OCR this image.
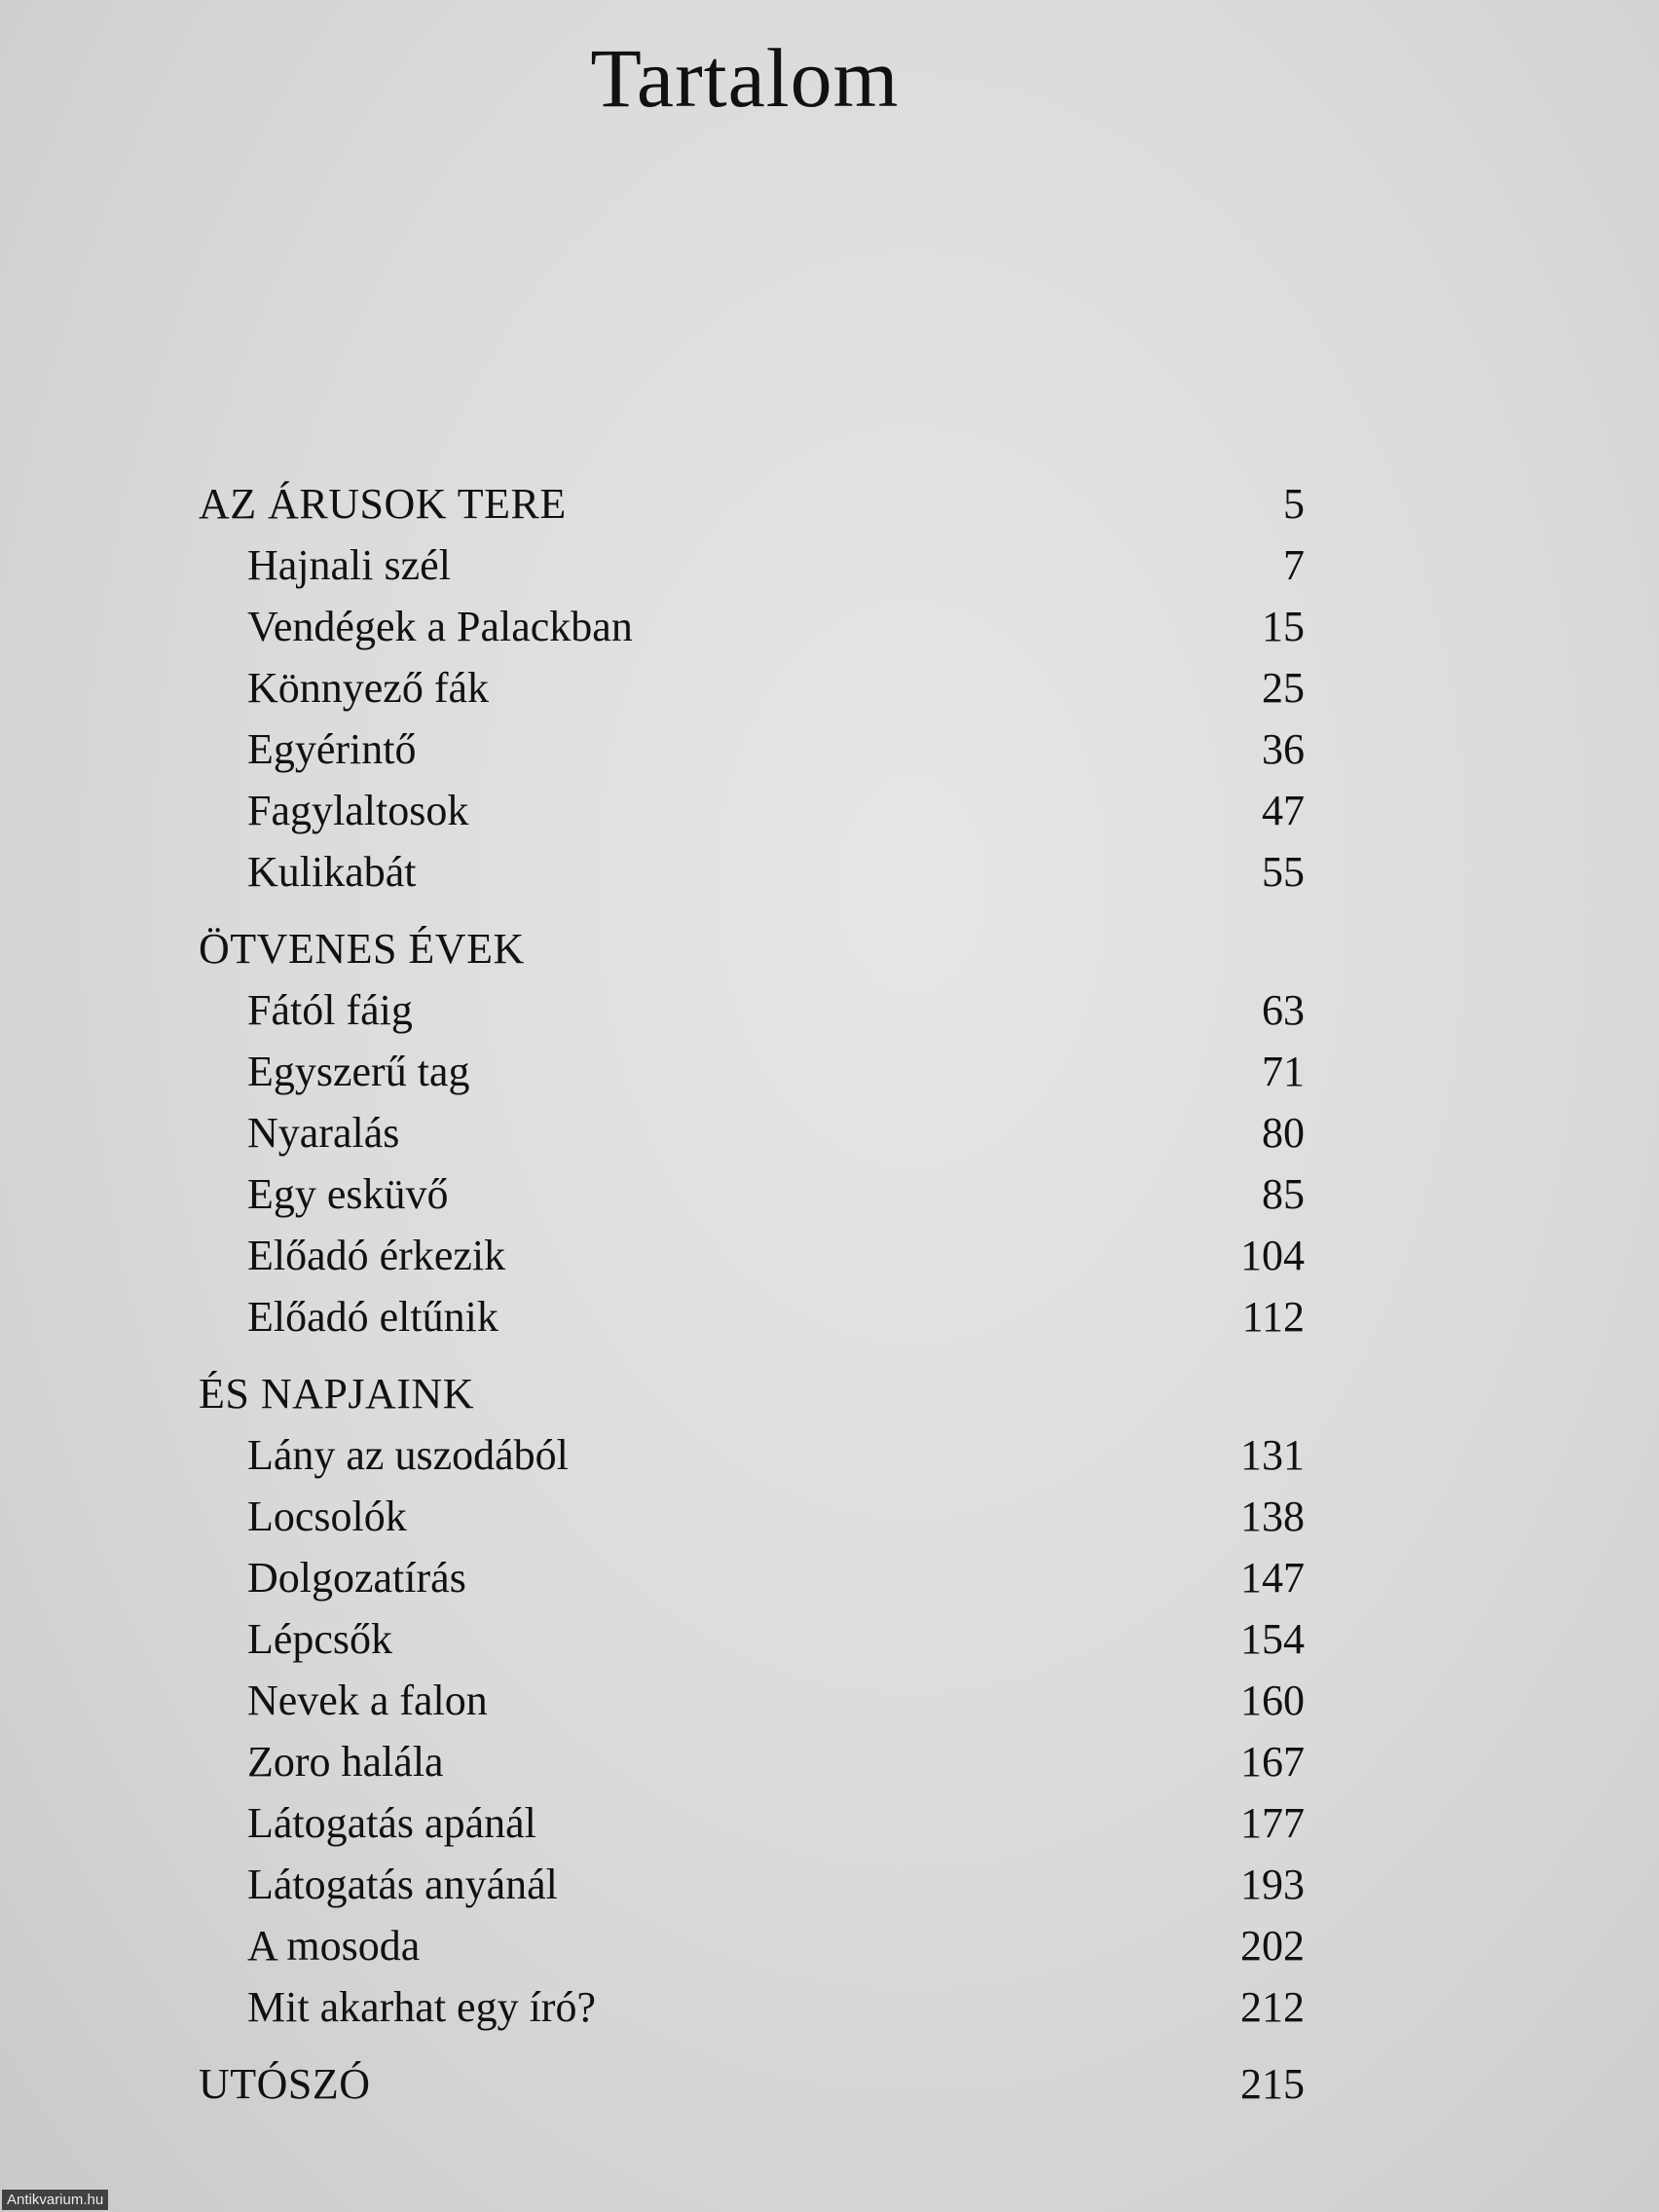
Tartalom
AZ ÁRUSOK TERE	5
Hajnali szél	7
Vendégek a Palackban	15
Könnyező fák	25
Egyérintő	36
Fagylaltosok	47
Kulikabát	55
ÖTVENES ÉVEK
Fától fáig	63
Egyszerű tag	71
Nyaralás	80
Egy esküvő	85
Előadó érkezik	104
Előadó eltűnik	112
ÉS NAPJAINK
Lány az uszodából	131
Locsolók	138
Dolgozatírás	147
Lépcsők	154
Nevek a falon	160
Zoro halála	167
Látogatás apánál	177
Látogatás anyánál	193
A mosoda	202
Mit akarhat egy író?	212
UTÓSZÓ	215
Antikvarium.hu
